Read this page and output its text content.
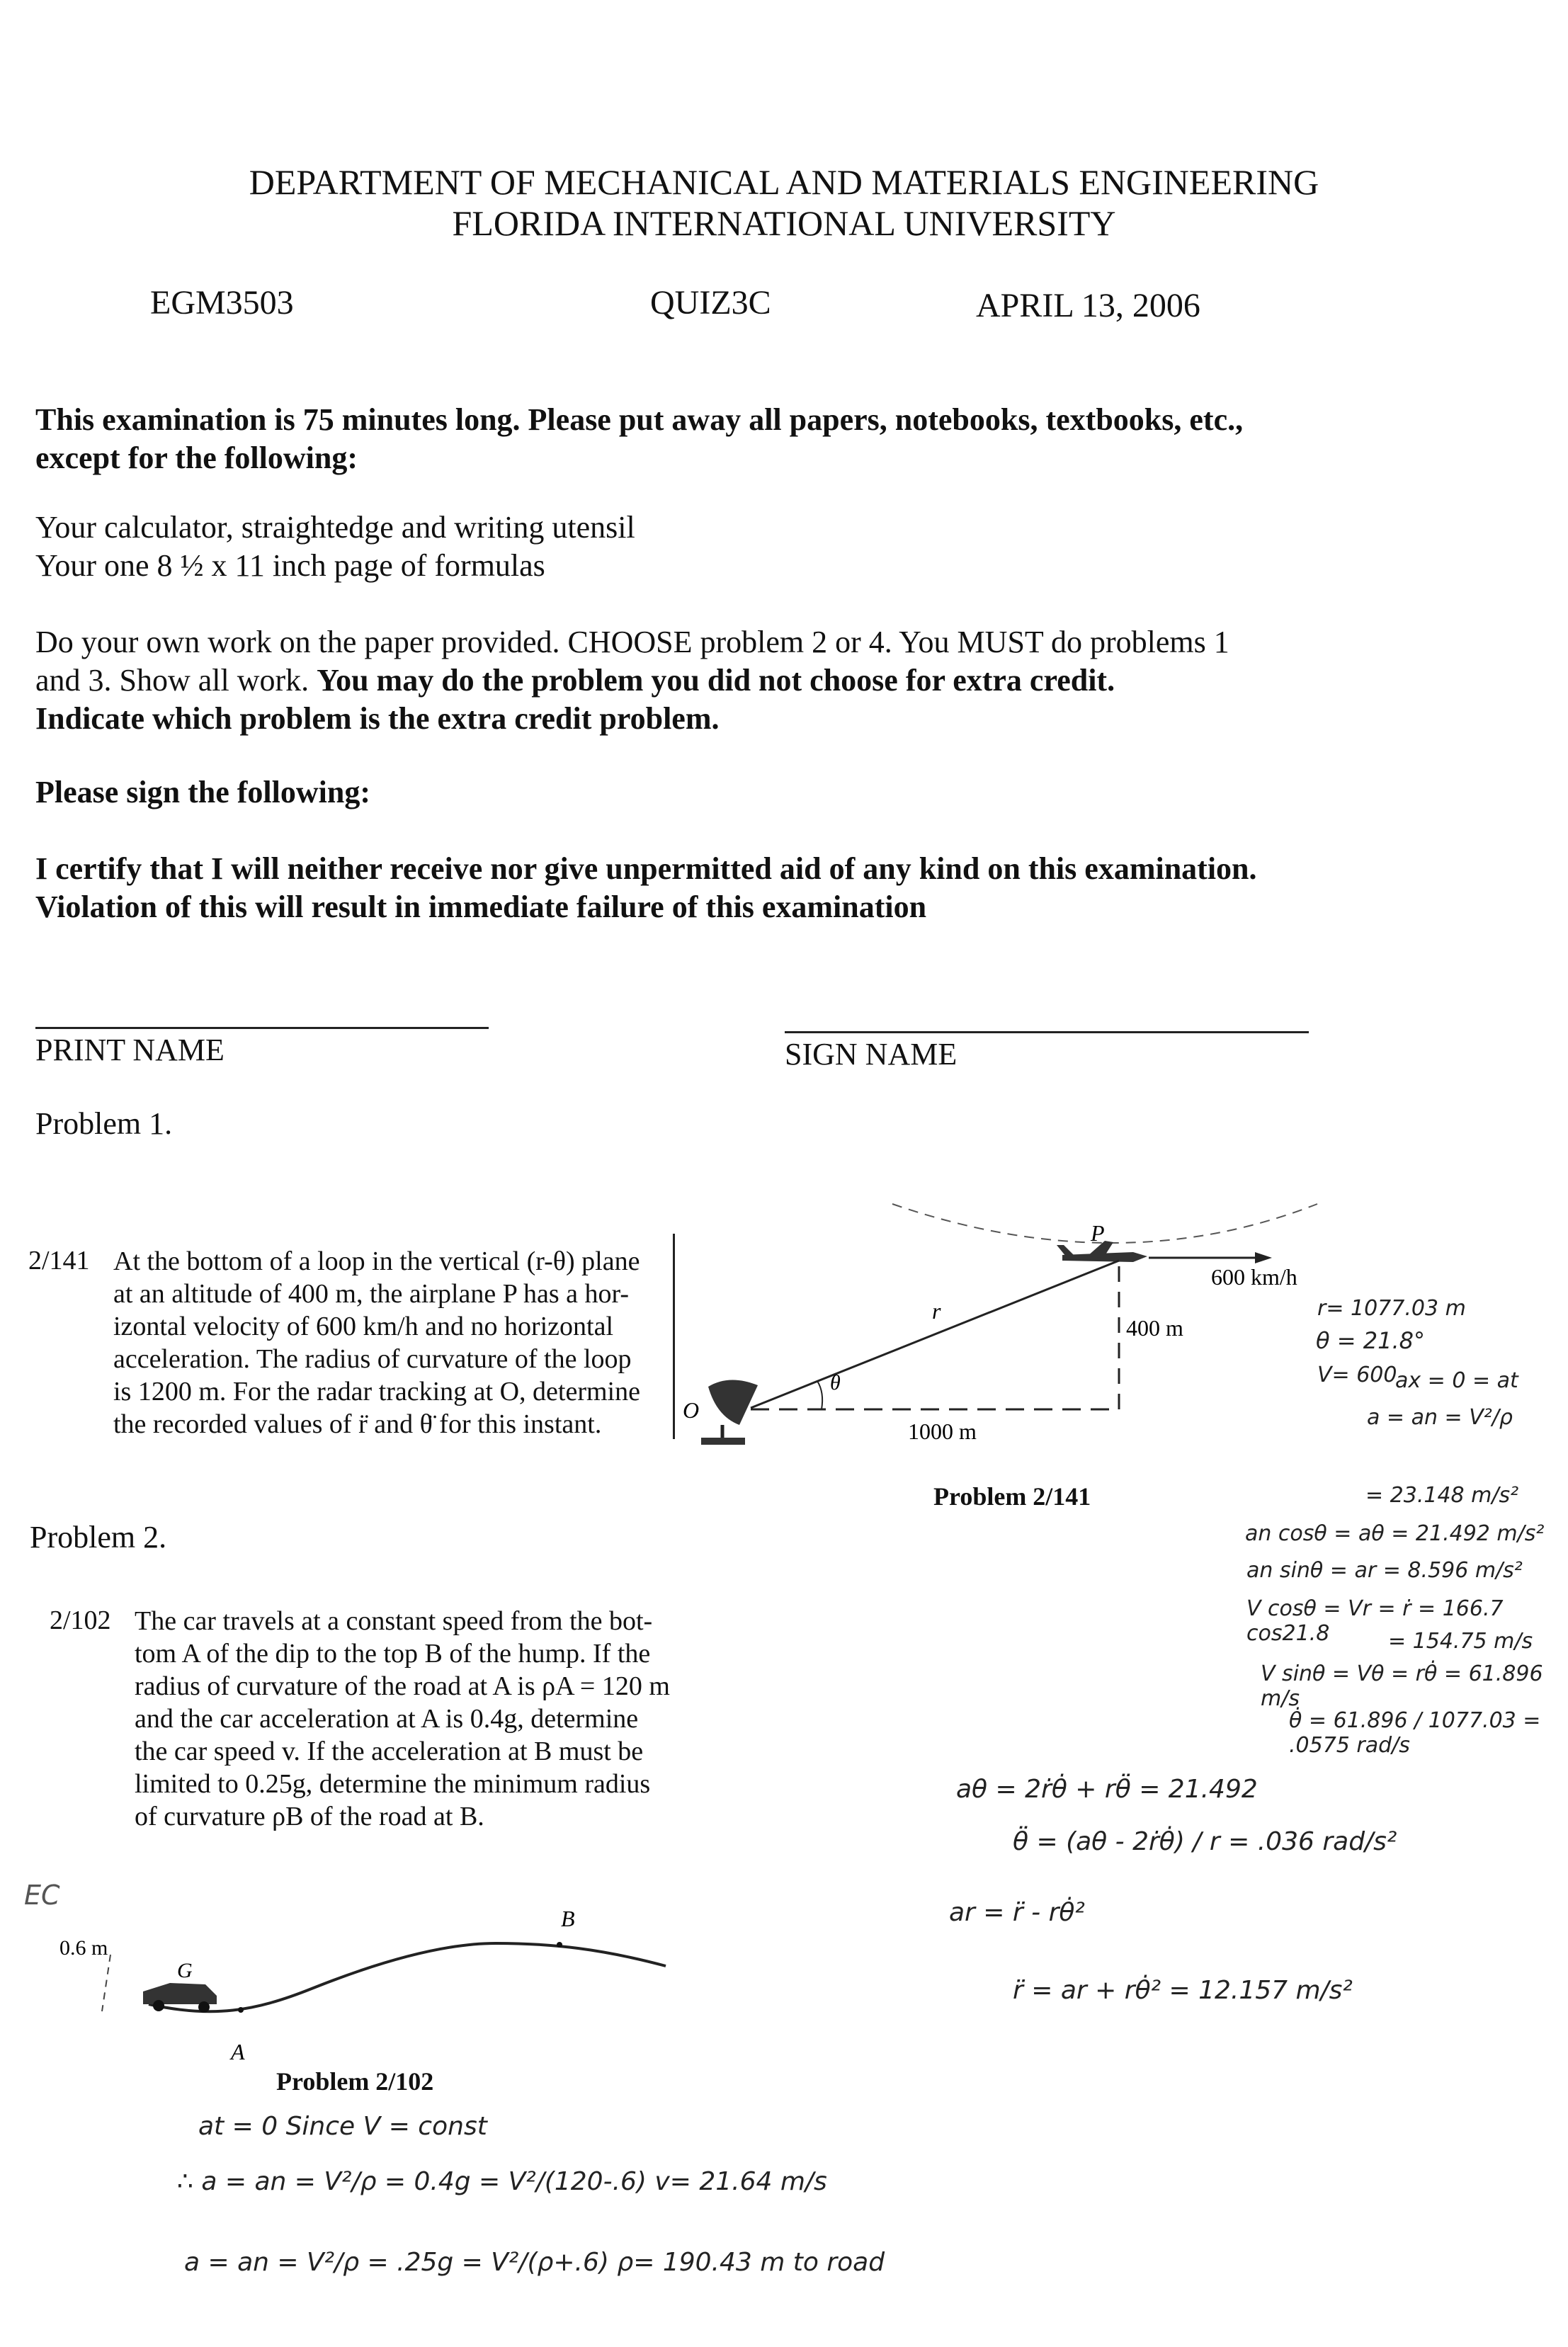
DEPARTMENT OF MECHANICAL AND MATERIALS ENGINEERING
FLORIDA INTERNATIONAL UNIVERSITY
EGM3503	QUIZ3C	APRIL 13, 2006
This examination is 75 minutes long. Please put away all papers, notebooks, textbooks, etc.,
except for the following:
Your calculator, straightedge and writing utensil
Your one 8 ½ x 11 inch page of formulas
Do your own work on the paper provided. CHOOSE problem 2 or 4. You MUST do problems 1
and 3. Show all work. You may do the problem you did not choose for extra credit.
Indicate which problem is the extra credit problem.
Please sign the following:
I certify that I will neither receive nor give unpermitted aid of any kind on this examination.
Violation of this will result in immediate failure of this examination
PRINT NAME	SIGN NAME
Problem 1.
2/141 At the bottom of a loop in the vertical (r-θ) plane
at an altitude of 400 m, the airplane P has a hor-
izontal velocity of 600 km/h and no horizontal
acceleration. The radius of curvature of the loop
is 1200 m. For the radar tracking at O, determine
the recorded values of r̈ and θ̈ for this instant.
P
r
O
θ
600 km/h
400 m
1000 m
Problem 2/141
r= 1077.03 m
θ = 21.8°
V= 600
ax = 0 = at
a = an = V²/ρ
= 23.148 m/s²
an cosθ = aθ = 21.492 m/s²
an sinθ = ar = 8.596 m/s²
V cosθ = Vr = ṙ = 166.7 cos21.8	= 154.75 m/s
V sinθ = Vθ = rθ̇ = 61.896 m/s
θ̇ = 61.896 / 1077.03 = .0575 rad/s
aθ = 2ṙθ̇ + rθ̈ = 21.492
θ̈ = (aθ - 2ṙθ̇) / r = .036 rad/s²
ar = r̈ - rθ̇²
r̈ = ar + rθ̇² = 12.157 m/s²
Problem 2.
2/102 The car travels at a constant speed from the bot-
tom A of the dip to the top B of the hump. If the
radius of curvature of the road at A is ρA = 120 m
and the car acceleration at A is 0.4g, determine
the car speed v. If the acceleration at B must be
limited to 0.25g, determine the minimum radius
of curvature ρB of the road at B.
EC
B
A
G
0.6 m
Problem 2/102
at = 0 Since V = const
∴ a = an = V²/ρ = 0.4g = V²/(120-.6) v= 21.64 m/s
a = an = V²/ρ = .25g = V²/(ρ+.6) ρ= 190.43 m to road
